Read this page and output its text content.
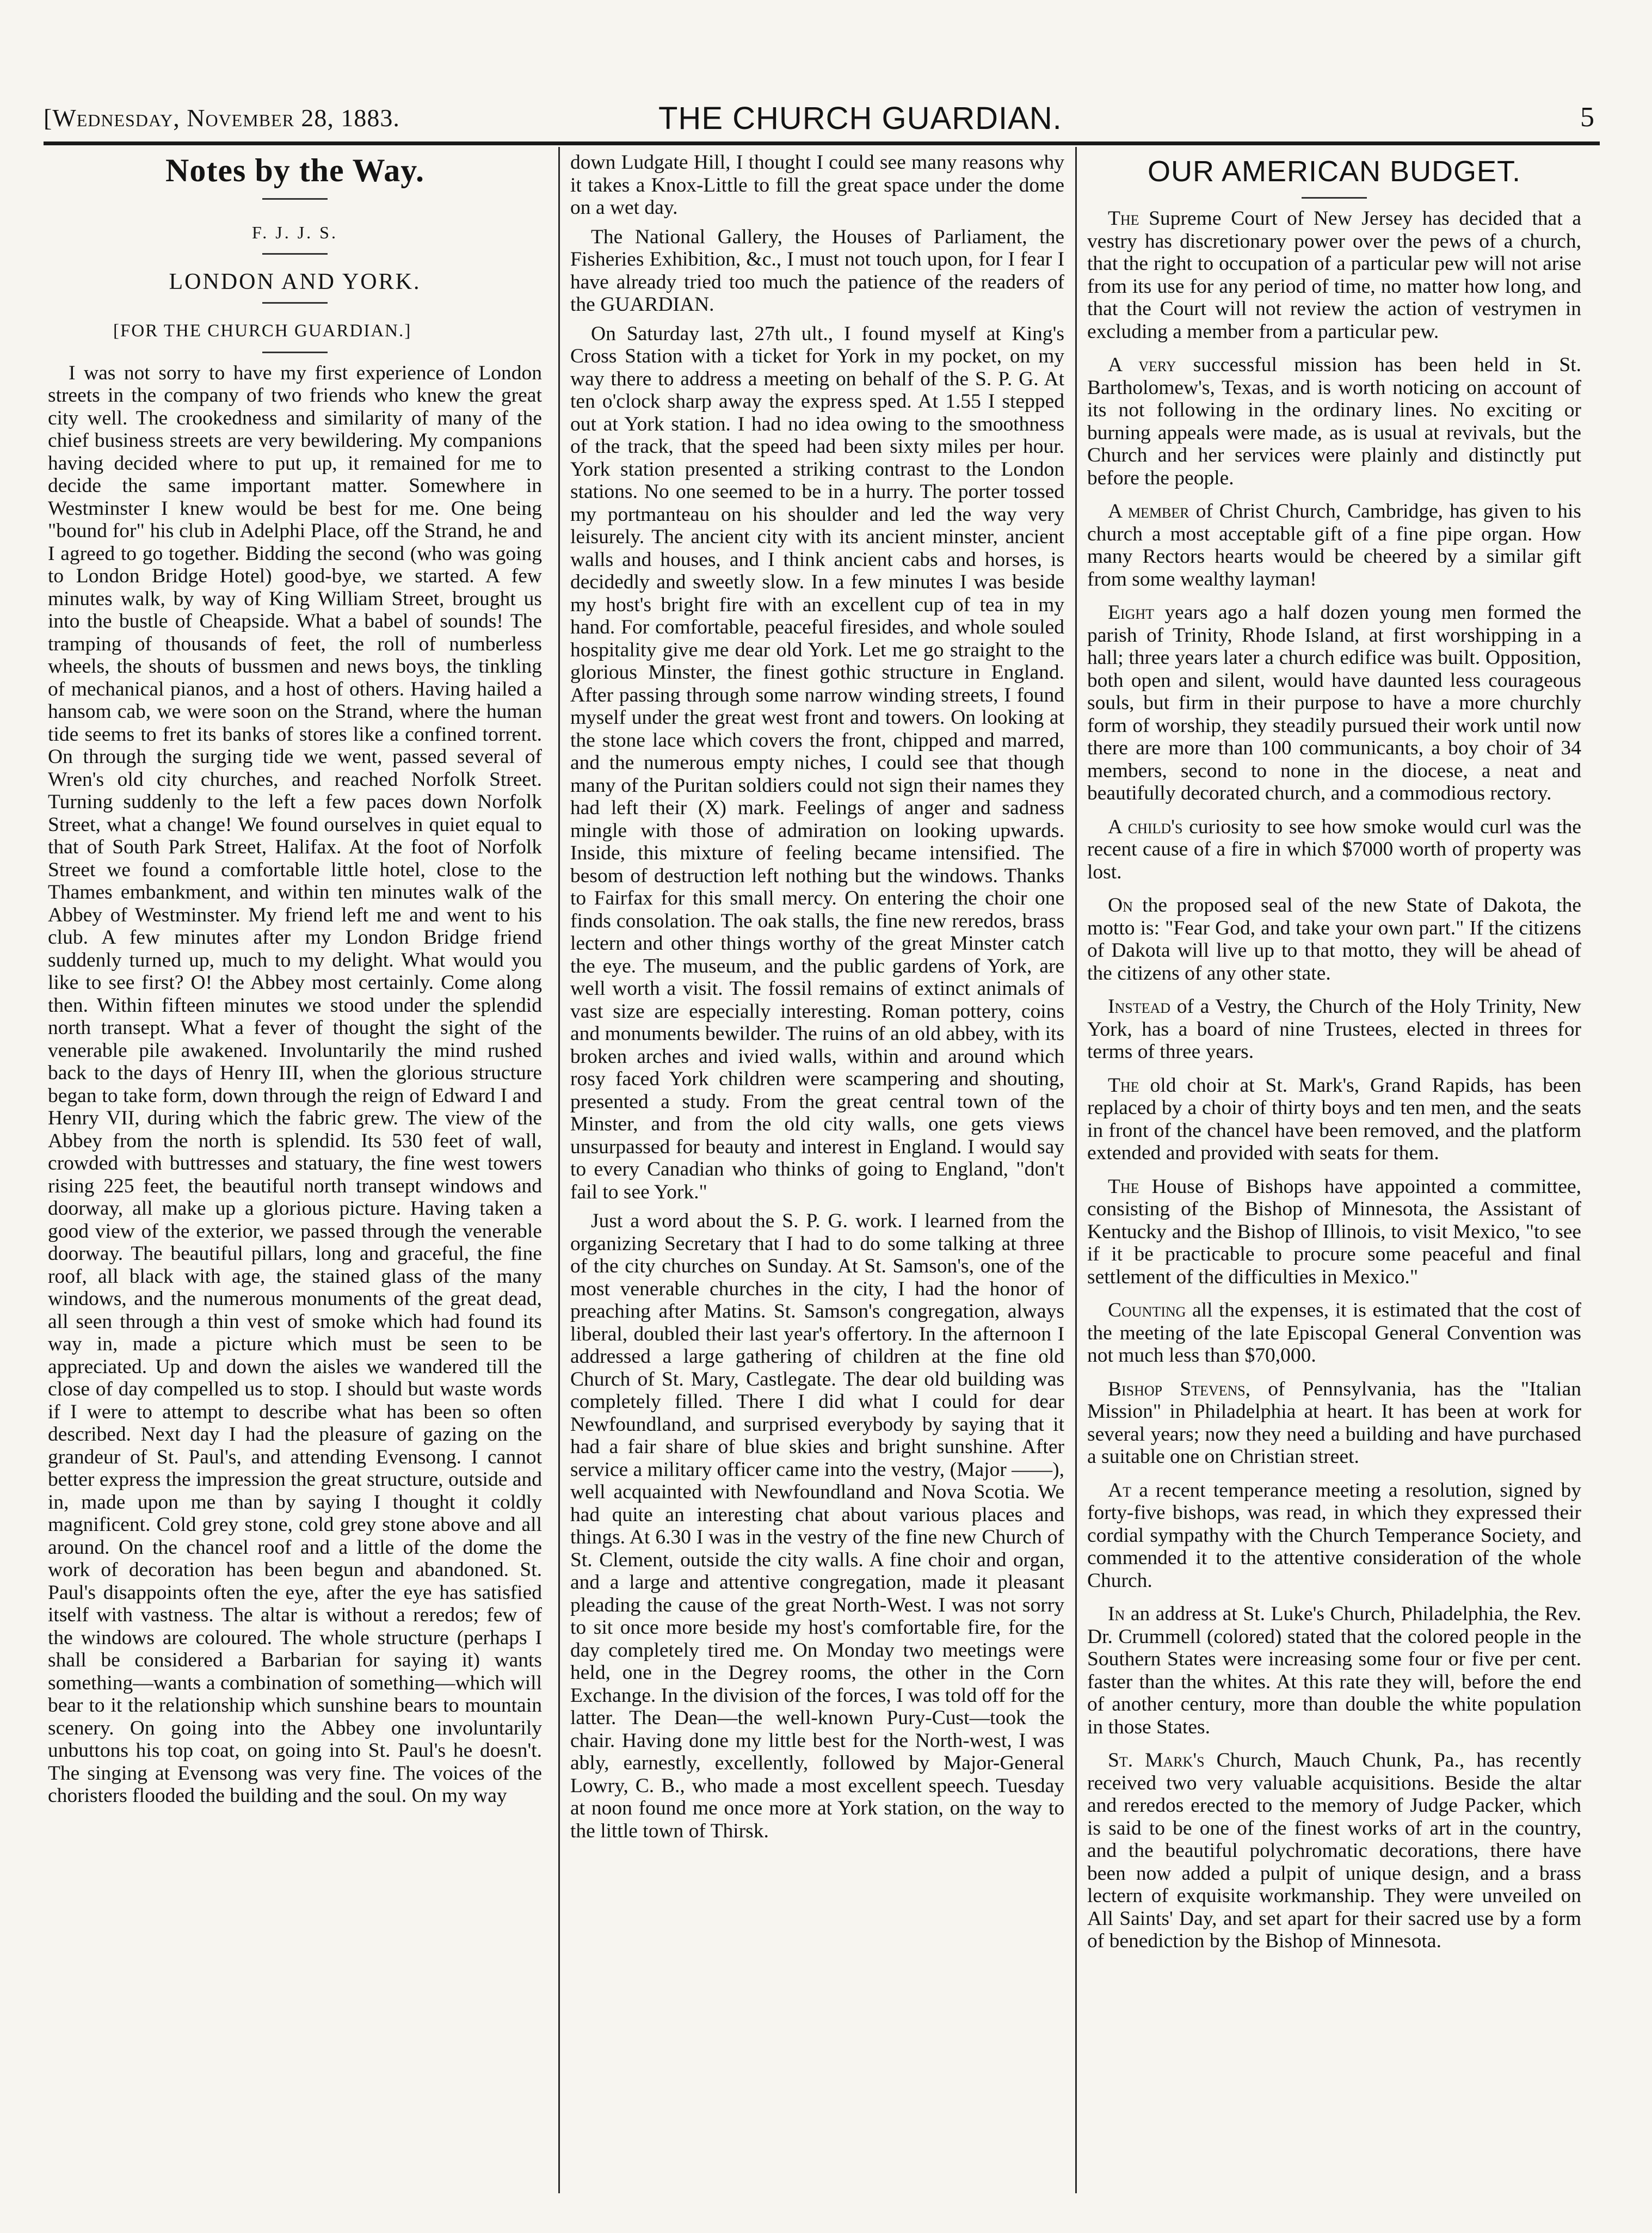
[Wednesday, November 28, 1883.	THE CHURCH GUARDIAN.	5
Notes by the Way.
F. J. J. S.
LONDON AND YORK.
[FOR THE CHURCH GUARDIAN.]

I was not sorry to have my first experience of London streets in the company of two friends who knew the great city well. The crookedness and similarity of many of the chief business streets are very bewildering. My companions having decided where to put up, it remained for me to decide the same important matter. Somewhere in Westminster I knew would be best for me. One being "bound for" his club in Adelphi Place, off the Strand, he and I agreed to go together. Bidding the second (who was going to London Bridge Hotel) good-bye, we started. A few minutes walk, by way of King William Street, brought us into the bustle of Cheapside. What a babel of sounds! The tramping of thousands of feet, the roll of numberless wheels, the shouts of bussmen and news boys, the tinkling of mechanical pianos, and a host of others. Having hailed a hansom cab, we were soon on the Strand, where the human tide seems to fret its banks of stores like a confined torrent. On through the surging tide we went, passed several of Wren's old city churches, and reached Norfolk Street. Turning suddenly to the left a few paces down Norfolk Street, what a change! We found ourselves in quiet equal to that of South Park Street, Halifax. At the foot of Norfolk Street we found a comfortable little hotel, close to the Thames embankment, and within ten minutes walk of the Abbey of Westminster. My friend left me and went to his club. A few minutes after my London Bridge friend suddenly turned up, much to my delight. What would you like to see first? O! the Abbey most certainly. Come along then. Within fifteen minutes we stood under the splendid north transept. What a fever of thought the sight of the venerable pile awakened. Involuntarily the mind rushed back to the days of Henry III, when the glorious structure began to take form, down through the reign of Edward I and Henry VII, during which the fabric grew. The view of the Abbey from the north is splendid. Its 530 feet of wall, crowded with buttresses and statuary, the fine west towers rising 225 feet, the beautiful north transept windows and doorway, all make up a glorious picture. Having taken a good view of the exterior, we passed through the venerable doorway. The beautiful pillars, long and graceful, the fine roof, all black with age, the stained glass of the many windows, and the numerous monuments of the great dead, all seen through a thin vest of smoke which had found its way in, made a picture which must be seen to be appreciated. Up and down the aisles we wandered till the close of day compelled us to stop. I should but waste words if I were to attempt to describe what has been so often described. Next day I had the pleasure of gazing on the grandeur of St. Paul's, and attending Evensong. I cannot better express the impression the great structure, outside and in, made upon me than by saying I thought it coldly magnificent. Cold grey stone, cold grey stone above and all around. On the chancel roof and a little of the dome the work of decoration has been begun and abandoned. St. Paul's disappoints often the eye, after the eye has satisfied itself with vastness. The altar is without a reredos; few of the windows are coloured. The whole structure (perhaps I shall be considered a Barbarian for saying it) wants something—wants a combination of something—which will bear to it the relationship which sunshine bears to mountain scenery. On going into the Abbey one involuntarily unbuttons his top coat, on going into St. Paul's he doesn't. The singing at Evensong was very fine. The voices of the choristers flooded the building and the soul. On my way

down Ludgate Hill, I thought I could see many reasons why it takes a Knox-Little to fill the great space under the dome on a wet day.

The National Gallery, the Houses of Parliament, the Fisheries Exhibition, &c., I must not touch upon, for I fear I have already tried too much the patience of the readers of the GUARDIAN.

On Saturday last, 27th ult., I found myself at King's Cross Station with a ticket for York in my pocket, on my way there to address a meeting on behalf of the S. P. G. At ten o'clock sharp away the express sped. At 1.55 I stepped out at York station. I had no idea owing to the smoothness of the track, that the speed had been sixty miles per hour. York station presented a striking contrast to the London stations. No one seemed to be in a hurry. The porter tossed my portmanteau on his shoulder and led the way very leisurely. The ancient city with its ancient minster, ancient walls and houses, and I think ancient cabs and horses, is decidedly and sweetly slow. In a few minutes I was beside my host's bright fire with an excellent cup of tea in my hand. For comfortable, peaceful firesides, and whole souled hospitality give me dear old York. Let me go straight to the glorious Minster, the finest gothic structure in England. After passing through some narrow winding streets, I found myself under the great west front and towers. On looking at the stone lace which covers the front, chipped and marred, and the numerous empty niches, I could see that though many of the Puritan soldiers could not sign their names they had left their (X) mark. Feelings of anger and sadness mingle with those of admiration on looking upwards. Inside, this mixture of feeling became intensified. The besom of destruction left nothing but the windows. Thanks to Fairfax for this small mercy. On entering the choir one finds consolation. The oak stalls, the fine new reredos, brass lectern and other things worthy of the great Minster catch the eye. The museum, and the public gardens of York, are well worth a visit. The fossil remains of extinct animals of vast size are especially interesting. Roman pottery, coins and monuments bewilder. The ruins of an old abbey, with its broken arches and ivied walls, within and around which rosy faced York children were scampering and shouting, presented a study. From the great central town of the Minster, and from the old city walls, one gets views unsurpassed for beauty and interest in England. I would say to every Canadian who thinks of going to England, "don't fail to see York."

Just a word about the S. P. G. work. I learned from the organizing Secretary that I had to do some talking at three of the city churches on Sunday. At St. Samson's, one of the most venerable churches in the city, I had the honor of preaching after Matins. St. Samson's congregation, always liberal, doubled their last year's offertory. In the afternoon I addressed a large gathering of children at the fine old Church of St. Mary, Castlegate. The dear old building was completely filled. There I did what I could for dear Newfoundland, and surprised everybody by saying that it had a fair share of blue skies and bright sunshine. After service a military officer came into the vestry, (Major ——), well acquainted with Newfoundland and Nova Scotia. We had quite an interesting chat about various places and things. At 6.30 I was in the vestry of the fine new Church of St. Clement, outside the city walls. A fine choir and organ, and a large and attentive congregation, made it pleasant pleading the cause of the great North-West. I was not sorry to sit once more beside my host's comfortable fire, for the day completely tired me. On Monday two meetings were held, one in the Degrey rooms, the other in the Corn Exchange. In the division of the forces, I was told off for the latter. The Dean—the well-known Pury-Cust—took the chair. Having done my little best for the North-west, I was ably, earnestly, excellently, followed by Major-General Lowry, C. B., who made a most excellent speech. Tuesday at noon found me once more at York station, on the way to the little town of Thirsk.

OUR AMERICAN BUDGET.

The Supreme Court of New Jersey has decided that a vestry has discretionary power over the pews of a church, that the right to occupation of a particular pew will not arise from its use for any period of time, no matter how long, and that the Court will not review the action of vestrymen in excluding a member from a particular pew.

A very successful mission has been held in St. Bartholomew's, Texas, and is worth noticing on account of its not following in the ordinary lines. No exciting or burning appeals were made, as is usual at revivals, but the Church and her services were plainly and distinctly put before the people.

A member of Christ Church, Cambridge, has given to his church a most acceptable gift of a fine pipe organ. How many Rectors hearts would be cheered by a similar gift from some wealthy layman!

Eight years ago a half dozen young men formed the parish of Trinity, Rhode Island, at first worshipping in a hall; three years later a church edifice was built. Opposition, both open and silent, would have daunted less courageous souls, but firm in their purpose to have a more churchly form of worship, they steadily pursued their work until now there are more than 100 communicants, a boy choir of 34 members, second to none in the diocese, a neat and beautifully decorated church, and a commodious rectory.

A child's curiosity to see how smoke would curl was the recent cause of a fire in which $7000 worth of property was lost.

On the proposed seal of the new State of Dakota, the motto is: "Fear God, and take your own part." If the citizens of Dakota will live up to that motto, they will be ahead of the citizens of any other state.

Instead of a Vestry, the Church of the Holy Trinity, New York, has a board of nine Trustees, elected in threes for terms of three years.

The old choir at St. Mark's, Grand Rapids, has been replaced by a choir of thirty boys and ten men, and the seats in front of the chancel have been removed, and the platform extended and provided with seats for them.

The House of Bishops have appointed a committee, consisting of the Bishop of Minnesota, the Assistant of Kentucky and the Bishop of Illinois, to visit Mexico, "to see if it be practicable to procure some peaceful and final settlement of the difficulties in Mexico."

Counting all the expenses, it is estimated that the cost of the meeting of the late Episcopal General Convention was not much less than $70,000.

Bishop Stevens, of Pennsylvania, has the "Italian Mission" in Philadelphia at heart. It has been at work for several years; now they need a building and have purchased a suitable one on Christian street.

At a recent temperance meeting a resolution, signed by forty-five bishops, was read, in which they expressed their cordial sympathy with the Church Temperance Society, and commended it to the attentive consideration of the whole Church.

In an address at St. Luke's Church, Philadelphia, the Rev. Dr. Crummell (colored) stated that the colored people in the Southern States were increasing some four or five per cent. faster than the whites. At this rate they will, before the end of another century, more than double the white population in those States.

St. Mark's Church, Mauch Chunk, Pa., has recently received two very valuable acquisitions. Beside the altar and reredos erected to the memory of Judge Packer, which is said to be one of the finest works of art in the country, and the beautiful polychromatic decorations, there have been now added a pulpit of unique design, and a brass lectern of exquisite workmanship. They were unveiled on All Saints' Day, and set apart for their sacred use by a form of benediction by the Bishop of Minnesota.
